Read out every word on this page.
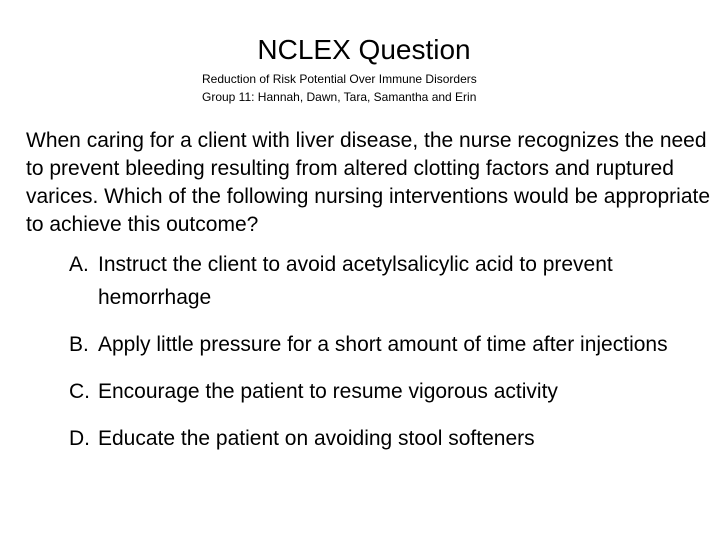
NCLEX Question
Reduction of Risk Potential Over Immune Disorders
Group 11: Hannah, Dawn, Tara, Samantha and Erin

When caring for a client with liver disease, the nurse recognizes the need to prevent bleeding resulting from altered clotting factors and ruptured varices. Which of the following nursing interventions would be appropriate to achieve this outcome?

A. Instruct the client to avoid acetylsalicylic acid to prevent hemorrhage
B. Apply little pressure for a short amount of time after injections
C. Encourage the patient to resume vigorous activity
D. Educate the patient on avoiding stool softeners
